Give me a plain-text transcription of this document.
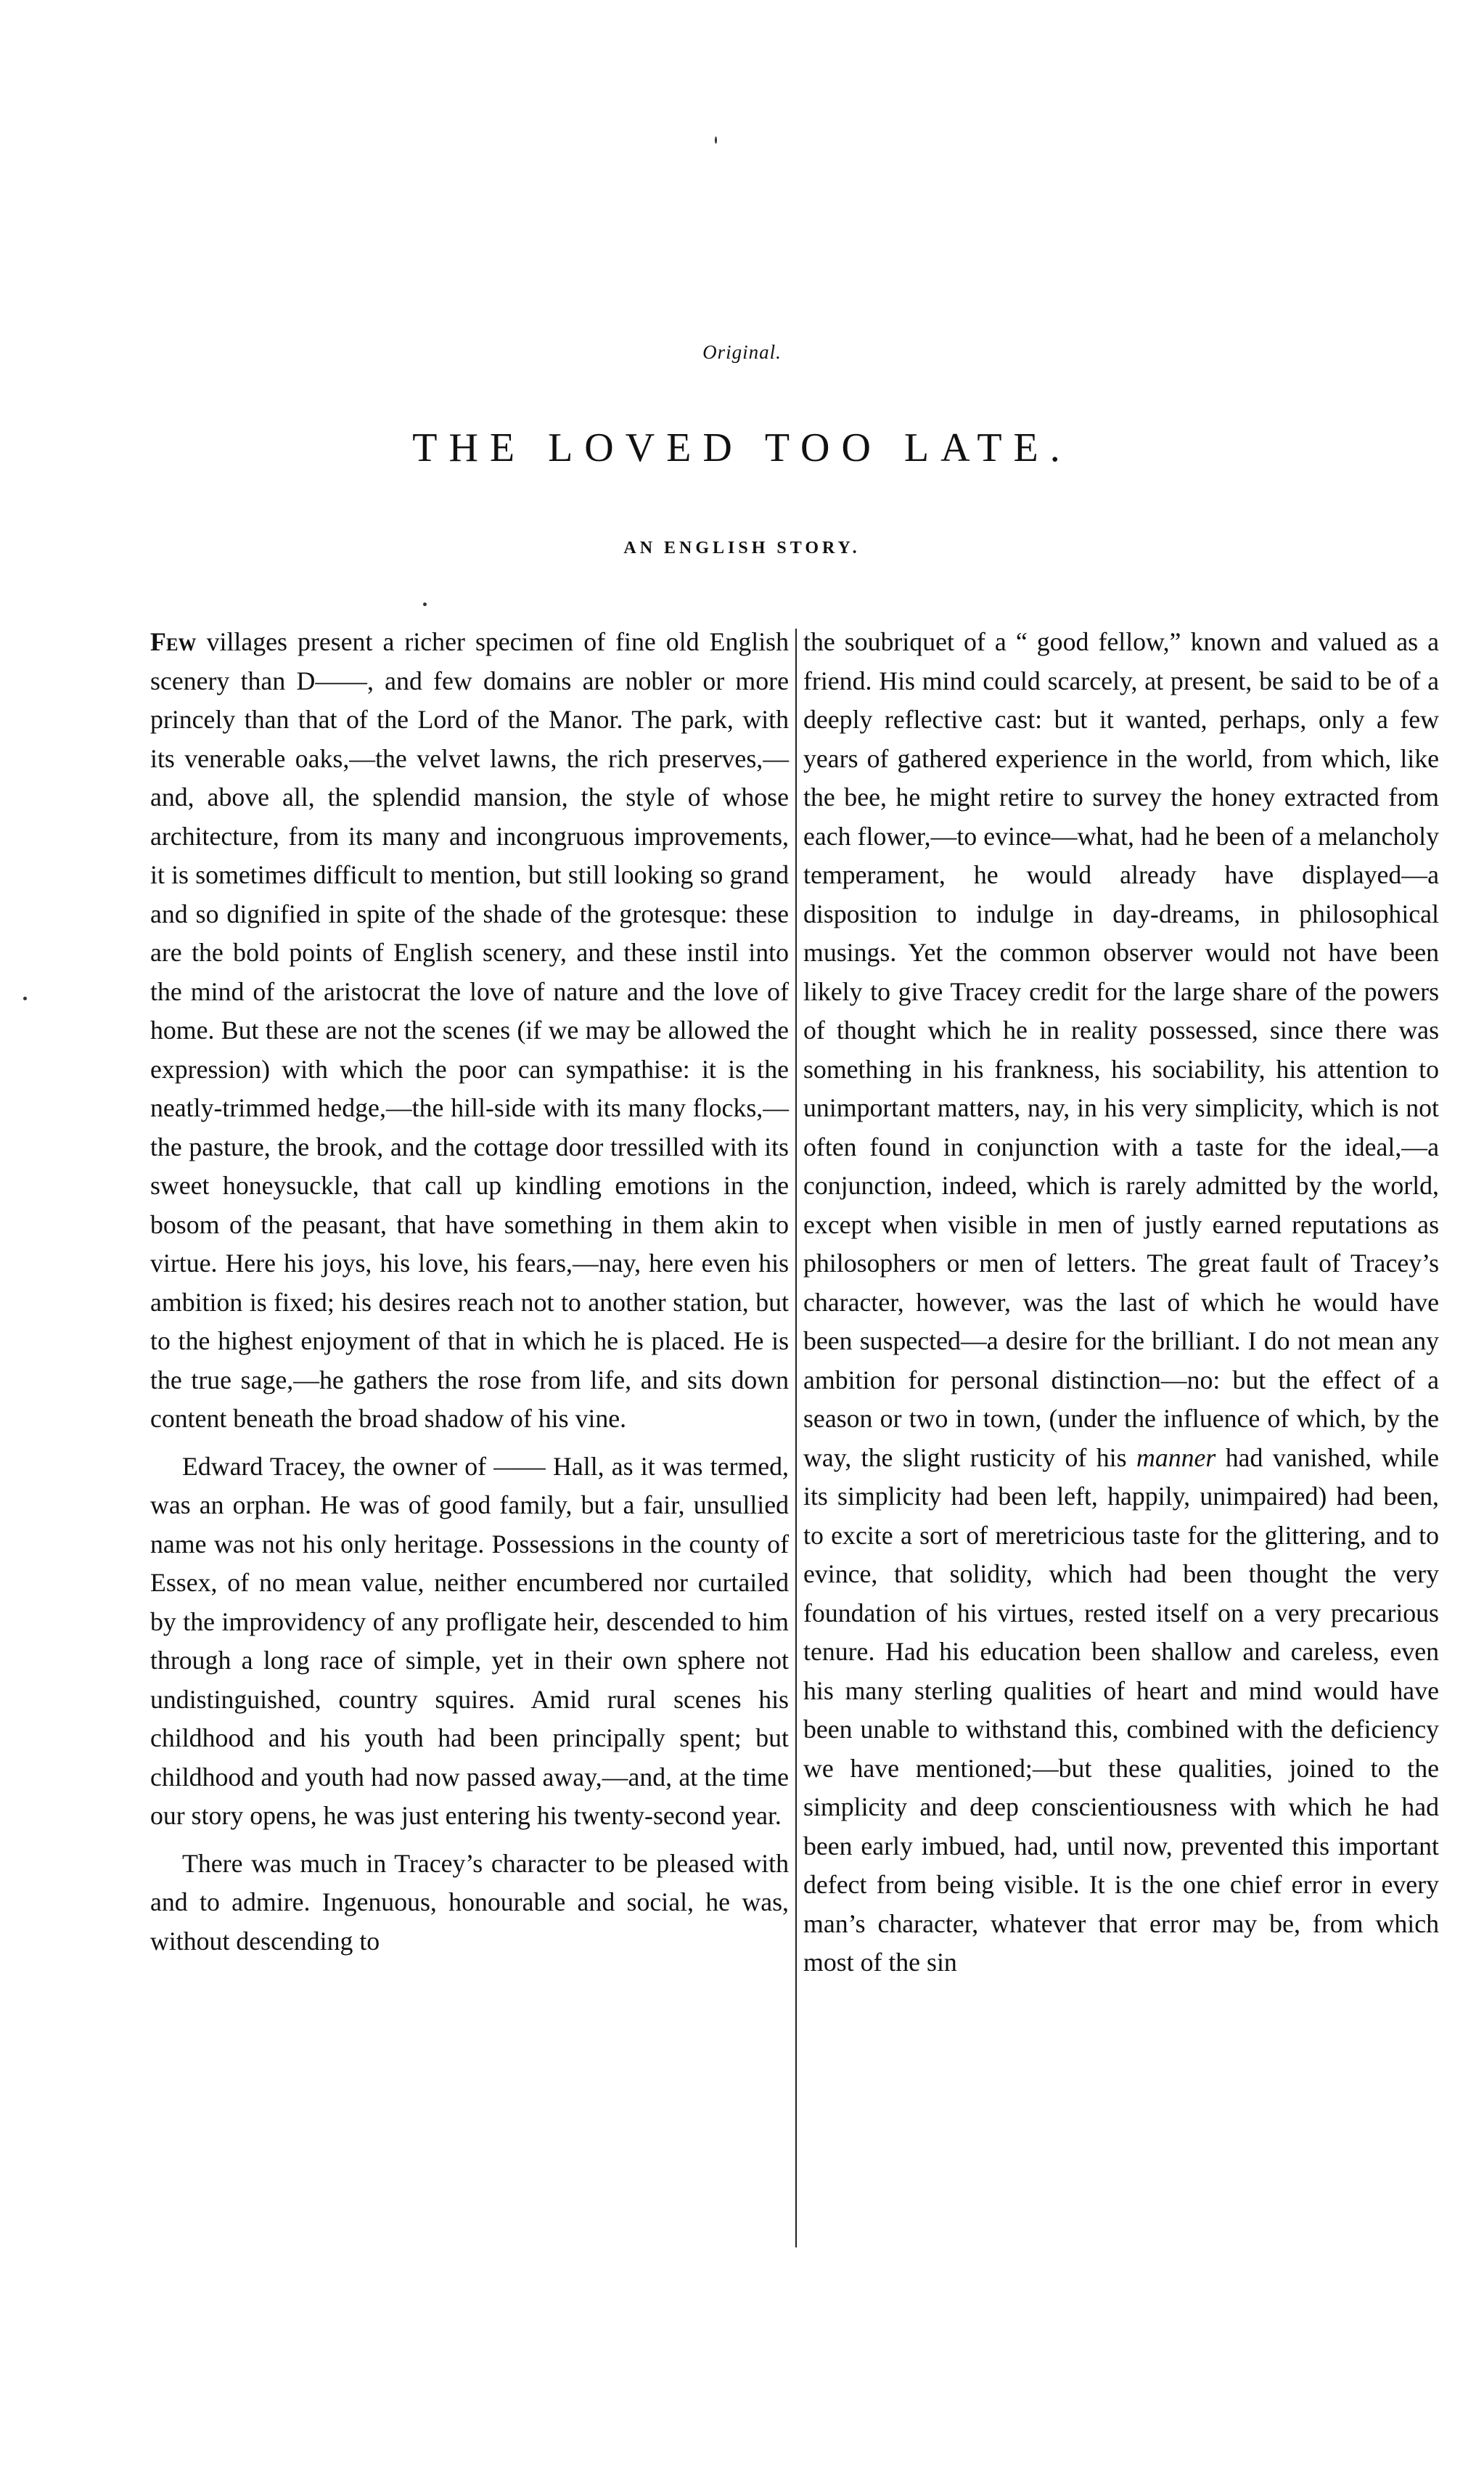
Original.
THE LOVED TOO LATE.
AN ENGLISH STORY.

Few villages present a richer specimen of fine old English scenery than D——, and few domains are nobler or more princely than that of the Lord of the Manor. The park, with its venerable oaks,—the velvet lawns, the rich preserves,—and, above all, the splendid mansion, the style of whose architecture, from its many and incongruous improvements, it is sometimes difficult to mention, but still looking so grand and so dignified in spite of the shade of the grotesque: these are the bold points of English scenery, and these instil into the mind of the aristocrat the love of nature and the love of home. But these are not the scenes (if we may be allowed the expression) with which the poor can sympathise: it is the neatly-trimmed hedge,—the hill-side with its many flocks,—the pasture, the brook, and the cottage door tressilled with its sweet honeysuckle, that call up kindling emotions in the bosom of the peasant, that have something in them akin to virtue. Here his joys, his love, his fears,—nay, here even his ambition is fixed; his desires reach not to another station, but to the highest enjoyment of that in which he is placed. He is the true sage,—he gathers the rose from life, and sits down content beneath the broad shadow of his vine.

Edward Tracey, the owner of —— Hall, as it was termed, was an orphan. He was of good family, but a fair, unsullied name was not his only heritage. Possessions in the county of Essex, of no mean value, neither encumbered nor curtailed by the improvidency of any profligate heir, descended to him through a long race of simple, yet in their own sphere not undistinguished, country squires. Amid rural scenes his childhood and his youth had been principally spent; but childhood and youth had now passed away,—and, at the time our story opens, he was just entering his twenty-second year.

There was much in Tracey’s character to be pleased with and to admire. Ingenuous, honourable and social, he was, without descending to

the soubriquet of a “ good fellow,” known and valued as a friend. His mind could scarcely, at present, be said to be of a deeply reflective cast: but it wanted, perhaps, only a few years of gathered experience in the world, from which, like the bee, he might retire to survey the honey extracted from each flower,—to evince—what, had he been of a melancholy temperament, he would already have displayed—a disposition to indulge in day-dreams, in philosophical musings. Yet the common observer would not have been likely to give Tracey credit for the large share of the powers of thought which he in reality possessed, since there was something in his frankness, his sociability, his attention to unimportant matters, nay, in his very simplicity, which is not often found in conjunction with a taste for the ideal,—a conjunction, indeed, which is rarely admitted by the world, except when visible in men of justly earned reputations as philosophers or men of letters. The great fault of Tracey’s character, however, was the last of which he would have been suspected—a desire for the brilliant. I do not mean any ambition for personal distinction—no: but the effect of a season or two in town, (under the influence of which, by the way, the slight rusticity of his manner had vanished, while its simplicity had been left, happily, unimpaired) had been, to excite a sort of meretricious taste for the glittering, and to evince, that solidity, which had been thought the very foundation of his virtues, rested itself on a very precarious tenure. Had his education been shallow and careless, even his many sterling qualities of heart and mind would have been unable to withstand this, combined with the deficiency we have mentioned;—but these qualities, joined to the simplicity and deep conscientiousness with which he had been early imbued, had, until now, prevented this important defect from being visible. It is the one chief error in every man’s character, whatever that error may be, from which most of the sin
